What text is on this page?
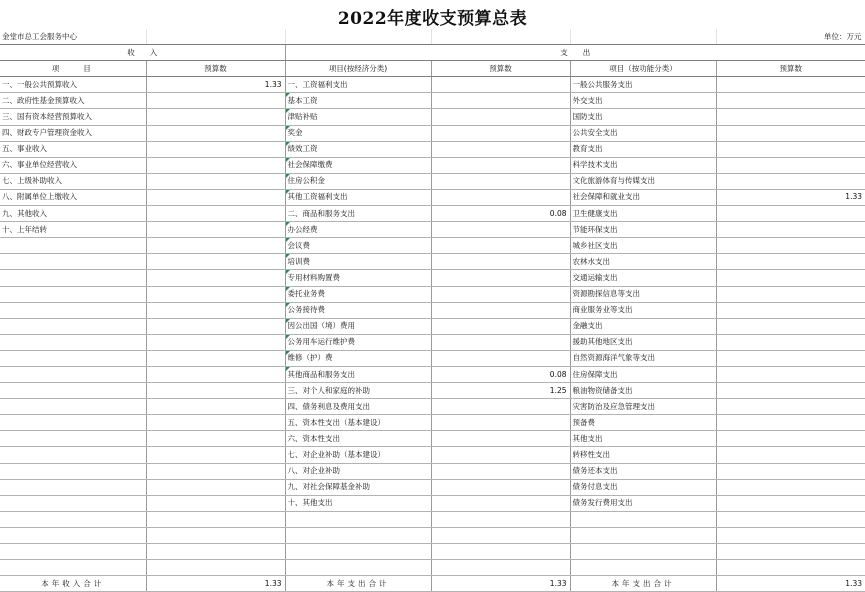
2022年度收支预算总表
金堂市总工会服务中心					单位：万元
收　　入		支　　出			
项　　目	预算数	项目(按经济分类)	预算数	项目（按功能分类）	预算数
一、一般公共预算收入	1.33	一、工资福利支出		一般公共服务支出	
二、政府性基金预算收入		基本工资		外交支出	
三、国有资本经营预算收入		津贴补贴		国防支出	
四、财政专户管理资金收入		奖金		公共安全支出	
五、事业收入		绩效工资		教育支出	
六、事业单位经营收入		社会保障缴费		科学技术支出	
七、上级补助收入		住房公积金		文化旅游体育与传媒支出	
八、附属单位上缴收入		其他工资福利支出		社会保障和就业支出	1.33
九、其他收入		二、商品和服务支出	0.08	卫生健康支出	
十、上年结转		办公经费		节能环保支出	
		会议费		城乡社区支出	
		培训费		农林水支出	
		专用材料购置费		交通运输支出	
		委托业务费		资源勘探信息等支出	
		公务接待费		商业服务业等支出	
		因公出国（境）费用		金融支出	
		公务用车运行维护费		援助其他地区支出	
		维修（护）费		自然资源海洋气象等支出	
		其他商品和服务支出	0.08	住房保障支出	
		三、对个人和家庭的补助	1.25	粮油物资储备支出	
		四、债务利息及费用支出		灾害防治及应急管理支出	
		五、资本性支出（基本建设）		预备费	
		六、资本性支出		其他支出	
		七、对企业补助（基本建设）		转移性支出	
		八、对企业补助		债务还本支出	
		九、对社会保障基金补助		债务付息支出	
		十、其他支出		债务发行费用支出	

本年收入合计	1.33	本年支出合计	1.33	本年支出合计	1.33
